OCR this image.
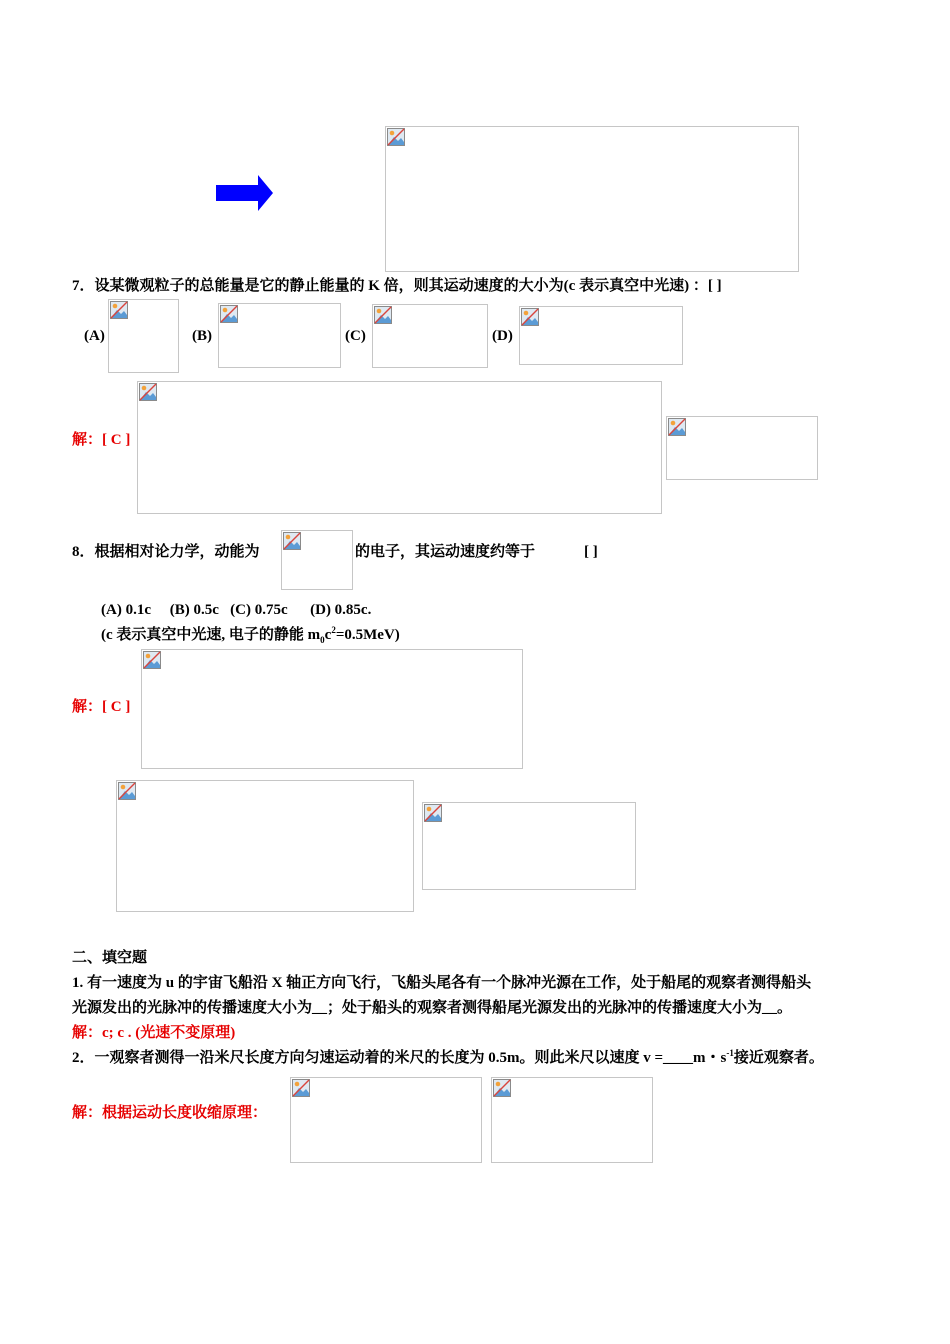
7．设某微观粒子的总能量是它的静止能量的 K 倍，则其运动速度的大小为(c 表示真空中光速) ：[ ]
(A)	(B)	(C)	(D)
解：[ C ]
8．根据相对论力学，动能为	的电子，其运动速度约等于	[ ]
(A) 0.1c     (B) 0.5c   (C) 0.75c      (D) 0.85c.
(c 表示真空中光速, 电子的静能 $m_0c^2=0.5MeV$)
解：[ C ]
二、填空题
1. 有一速度为 u 的宇宙飞船沿 X 轴正方向飞行，飞船头尾各有一个脉冲光源在工作，处于船尾的观察者测得船头
光源发出的光脉冲的传播速度大小为__；处于船头的观察者测得船尾光源发出的光脉冲的传播速度大小为__。
解：c; c . (光速不变原理)
2．一观察者测得一沿米尺长度方向匀速运动着的米尺的长度为 0.5m。则此米尺以速度 v =____m・$s^{-1}$接近观察者。
解：根据运动长度收缩原理：
